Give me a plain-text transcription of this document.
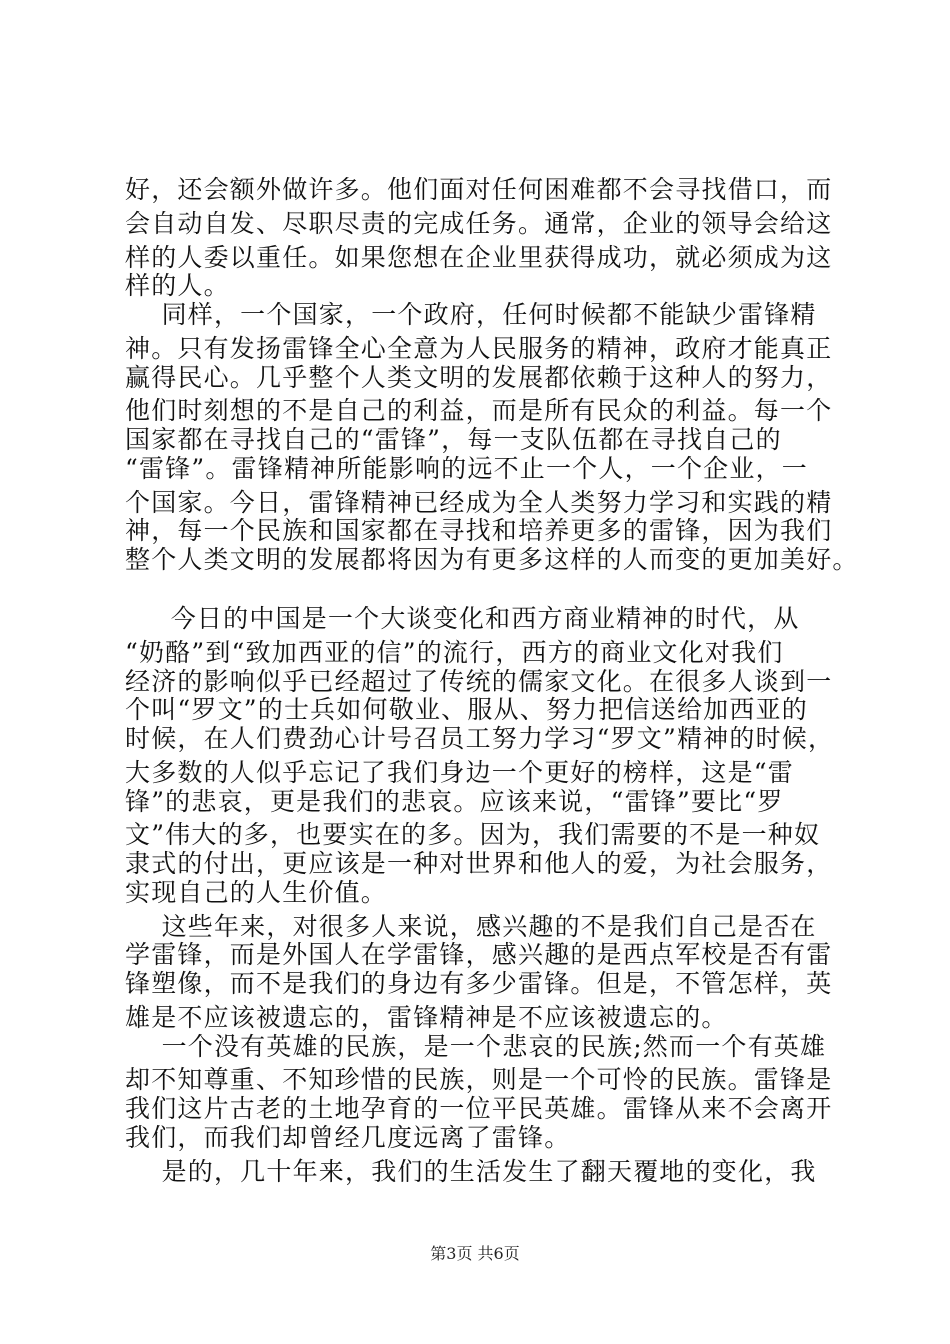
好，还会额外做许多。他们面对任何困难都不会寻找借口，而
会自动自发、尽职尽责的完成任务。通常，企业的领导会给这
样的人委以重任。如果您想在企业里获得成功，就必须成为这
样的人。
同样，一个国家，一个政府，任何时候都不能缺少雷锋精
神。只有发扬雷锋全心全意为人民服务的精神，政府才能真正
赢得民心。几乎整个人类文明的发展都依赖于这种人的努力，
他们时刻想的不是自己的利益，而是所有民众的利益。每一个
国家都在寻找自己的“雷锋”，每一支队伍都在寻找自己的
“雷锋”。雷锋精神所能影响的远不止一个人，一个企业，一
个国家。今日，雷锋精神已经成为全人类努力学习和实践的精
神，每一个民族和国家都在寻找和培养更多的雷锋，因为我们
整个人类文明的发展都将因为有更多这样的人而变的更加美好。
今日的中国是一个大谈变化和西方商业精神的时代，从
“奶酪”到“致加西亚的信”的流行，西方的商业文化对我们
经济的影响似乎已经超过了传统的儒家文化。在很多人谈到一
个叫“罗文”的士兵如何敬业、服从、努力把信送给加西亚的
时候，在人们费劲心计号召员工努力学习“罗文”精神的时候，
大多数的人似乎忘记了我们身边一个更好的榜样，这是“雷
锋”的悲哀，更是我们的悲哀。应该来说，“雷锋”要比“罗
文”伟大的多，也要实在的多。因为，我们需要的不是一种奴
隶式的付出，更应该是一种对世界和他人的爱，为社会服务，
实现自己的人生价值。
这些年来，对很多人来说，感兴趣的不是我们自己是否在
学雷锋，而是外国人在学雷锋，感兴趣的是西点军校是否有雷
锋塑像，而不是我们的身边有多少雷锋。但是，不管怎样，英
雄是不应该被遗忘的，雷锋精神是不应该被遗忘的。
一个没有英雄的民族，是一个悲哀的民族;然而一个有英雄
却不知尊重、不知珍惜的民族，则是一个可怜的民族。雷锋是
我们这片古老的土地孕育的一位平民英雄。雷锋从来不会离开
我们，而我们却曾经几度远离了雷锋。
是的，几十年来，我们的生活发生了翻天覆地的变化，我
第3页 共6页
